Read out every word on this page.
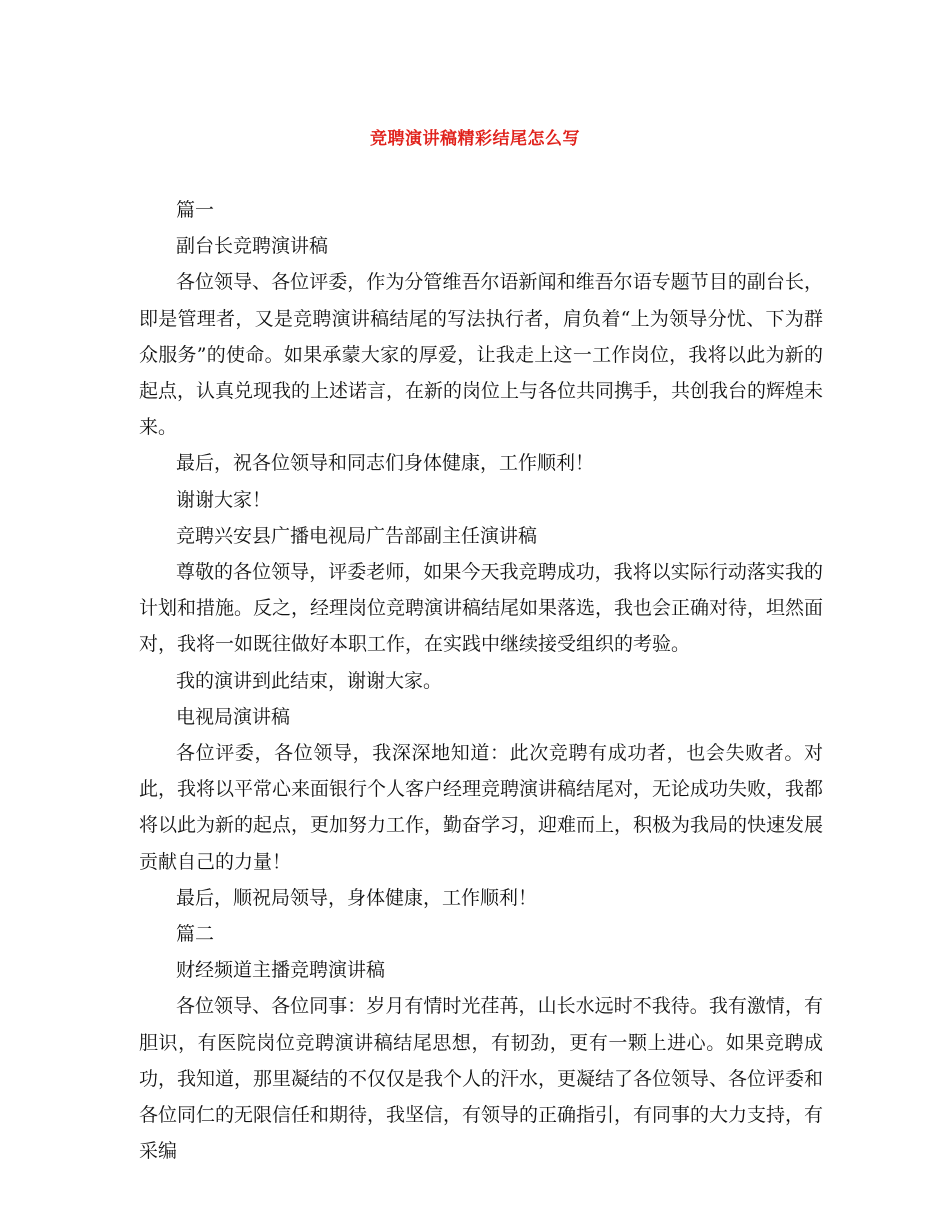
竞聘演讲稿精彩结尾怎么写

篇一

副台长竞聘演讲稿

各位领导、各位评委，作为分管维吾尔语新闻和维吾尔语专题节目的副台长，即是管理者，又是竞聘演讲稿结尾的写法执行者，肩负着“上为领导分忧、下为群众服务”的使命。如果承蒙大家的厚爱，让我走上这一工作岗位，我将以此为新的起点，认真兑现我的上述诺言，在新的岗位上与各位共同携手，共创我台的辉煌未来。

最后，祝各位领导和同志们身体健康，工作顺利！

谢谢大家！

竞聘兴安县广播电视局广告部副主任演讲稿

尊敬的各位领导，评委老师，如果今天我竞聘成功，我将以实际行动落实我的计划和措施。反之，经理岗位竞聘演讲稿结尾如果落选，我也会正确对待，坦然面对，我将一如既往做好本职工作，在实践中继续接受组织的考验。

我的演讲到此结束，谢谢大家。

电视局演讲稿

各位评委，各位领导，我深深地知道：此次竞聘有成功者，也会失败者。对此，我将以平常心来面银行个人客户经理竞聘演讲稿结尾对，无论成功失败，我都将以此为新的起点，更加努力工作，勤奋学习，迎难而上，积极为我局的快速发展贡献自己的力量！

最后，顺祝局领导，身体健康，工作顺利！

篇二

财经频道主播竞聘演讲稿

各位领导、各位同事：岁月有情时光荏苒，山长水远时不我待。我有激情，有胆识，有医院岗位竞聘演讲稿结尾思想，有韧劲，更有一颗上进心。如果竞聘成功，我知道，那里凝结的不仅仅是我个人的汗水，更凝结了各位领导、各位评委和各位同仁的无限信任和期待，我坚信，有领导的正确指引，有同事的大力支持，有采编
